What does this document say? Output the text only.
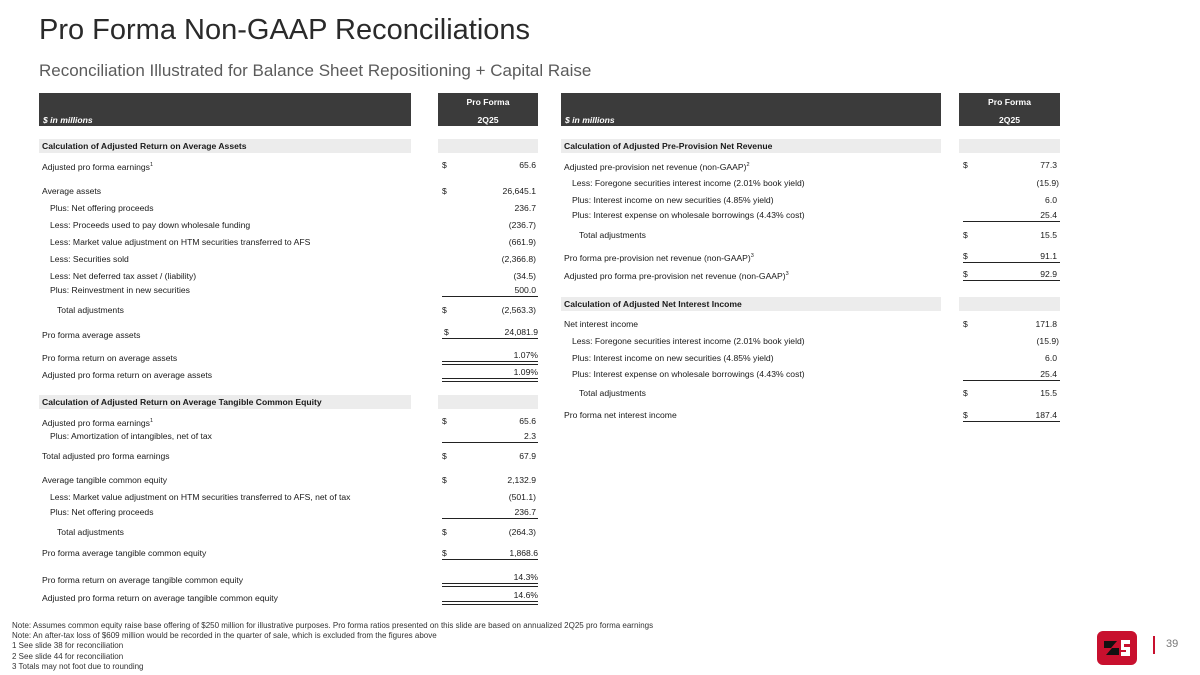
Pro Forma Non-GAAP Reconciliations
Reconciliation Illustrated for Balance Sheet Repositioning + Capital Raise
$ in millions
Pro Forma
2Q25
Calculation of Adjusted Return on Average Assets
Adjusted pro forma earnings$^1$	$	65.6
Average assets	$	26,645.1
Plus: Net offering proceeds	236.7
Less: Proceeds used to pay down wholesale funding	(236.7)
Less: Market value adjustment on HTM securities transferred to AFS	(661.9)
Less: Securities sold	(2,366.8)
Less: Net deferred tax asset / (liability)	(34.5)
Plus: Reinvestment in new securities	500.0
Total adjustments	$	(2,563.3)
Pro forma average assets	$	24,081.9
Pro forma return on average assets	1.07%
Adjusted pro forma return on average assets	1.09%
Calculation of Adjusted Return on Average Tangible Common Equity
Adjusted pro forma earnings$^1$	$	65.6
Plus: Amortization of intangibles, net of tax	2.3
Total adjusted pro forma earnings	$	67.9
Average tangible common equity	$	2,132.9
Less: Market value adjustment on HTM securities transferred to AFS, net of tax	(501.1)
Plus: Net offering proceeds	236.7
Total adjustments	$	(264.3)
Pro forma average tangible common equity	$	1,868.6
Pro forma return on average tangible common equity	14.3%
Adjusted pro forma return on average tangible common equity	14.6%
$ in millions
Pro Forma
2Q25
Calculation of Adjusted Pre-Provision Net Revenue
Adjusted pre-provision net revenue (non-GAAP)$^2$	$	77.3
Less: Foregone securities interest income (2.01% book yield)	(15.9)
Plus: Interest income on new securities (4.85% yield)	6.0
Plus: Interest expense on wholesale borrowings (4.43% cost)	25.4
Total adjustments	$	15.5
Pro forma pre-provision net revenue (non-GAAP)$^3$	$	91.1
Adjusted pro forma pre-provision net revenue (non-GAAP)$^3$	$	92.9
Calculation of Adjusted Net Interest Income
Net interest income	$	171.8
Less: Foregone securities interest income (2.01% book yield)	(15.9)
Plus: Interest income on new securities (4.85% yield)	6.0
Plus: Interest expense on wholesale borrowings (4.43% cost)	25.4
Total adjustments	$	15.5
Pro forma net interest income	$	187.4
Note: Assumes common equity raise base offering of $250 million for illustrative purposes. Pro forma ratios presented on this slide are based on annualized 2Q25 pro forma earnings
Note: An after-tax loss of $609 million would be recorded in the quarter of sale, which is excluded from the figures above
1 See slide 38 for reconciliation
2 See slide 44 for reconciliation
3 Totals may not foot due to rounding
39
